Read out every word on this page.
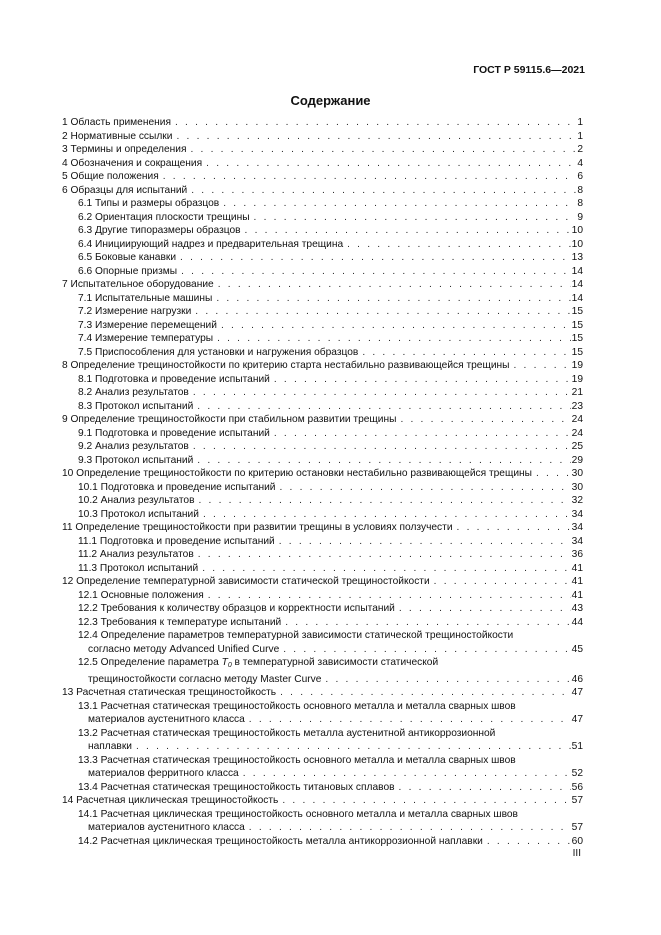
ГОСТ Р 59115.6—2021
Содержание
1 Область применения . . .	1
2 Нормативные ссылки . . .	1
3 Термины и определения . . .	2
4 Обозначения и сокращения . . .	4
5 Общие положения . . .	6
6 Образцы для испытаний . . .	8
6.1 Типы и размеры образцов . . .	8
6.2 Ориентация плоскости трещины . . .	9
6.3 Другие типоразмеры образцов . . .	10
6.4 Инициирующий надрез и предварительная трещина . . .	10
6.5 Боковые канавки . . .	13
6.6 Опорные призмы . . .	14
7 Испытательное оборудование . . .	14
7.1 Испытательные машины . . .	14
7.2 Измерение нагрузки . . .	15
7.3 Измерение перемещений . . .	15
7.4 Измерение температуры . . .	15
7.5 Приспособления для установки и нагружения образцов . . .	15
8 Определение трещиностойкости по критерию старта нестабильно развивающейся трещины . . .	19
8.1 Подготовка и проведение испытаний . . .	19
8.2 Анализ результатов . . .	21
8.3 Протокол испытаний . . .	23
9 Определение трещиностойкости при стабильном развитии трещины . . .	24
9.1 Подготовка и проведение испытаний . . .	24
9.2 Анализ результатов . . .	25
9.3 Протокол испытаний . . .	29
10 Определение трещиностойкости по критерию остановки нестабильно развивающейся трещины . . .	30
10.1 Подготовка и проведение испытаний . . .	30
10.2 Анализ результатов . . .	32
10.3 Протокол испытаний . . .	34
11 Определение трещиностойкости при развитии трещины в условиях ползучести . . .	34
11.1 Подготовка и проведение испытаний . . .	34
11.2 Анализ результатов . . .	36
11.3 Протокол испытаний . . .	41
12 Определение температурной зависимости статической трещиностойкости . . .	41
12.1 Основные положения . . .	41
12.2 Требования к количеству образцов и корректности испытаний . . .	43
12.3 Требования к температуре испытаний . . .	44
12.4 Определение параметров температурной зависимости статической трещиностойкости
согласно методу Advanced Unified Curve . . .	45
12.5 Определение параметра $T_0$ в температурной зависимости статической
трещиностойкости согласно методу Master Curve . . .	46
13 Расчетная статическая трещиностойкость . . .	47
13.1 Расчетная статическая трещиностойкость основного металла и металла сварных швов
материалов аустенитного класса . . .	47
13.2 Расчетная статическая трещиностойкость металла аустенитной антикоррозионной
наплавки . . .	51
13.3 Расчетная статическая трещиностойкость основного металла и металла сварных швов
материалов ферритного класса . . .	52
13.4 Расчетная статическая трещиностойкость титановых сплавов . . .	56
14 Расчетная циклическая трещиностойкость . . .	57
14.1 Расчетная циклическая трещиностойкость основного металла и металла сварных швов
материалов аустенитного класса . . .	57
14.2 Расчетная циклическая трещиностойкость металла антикоррозионной наплавки . . .	60
III
